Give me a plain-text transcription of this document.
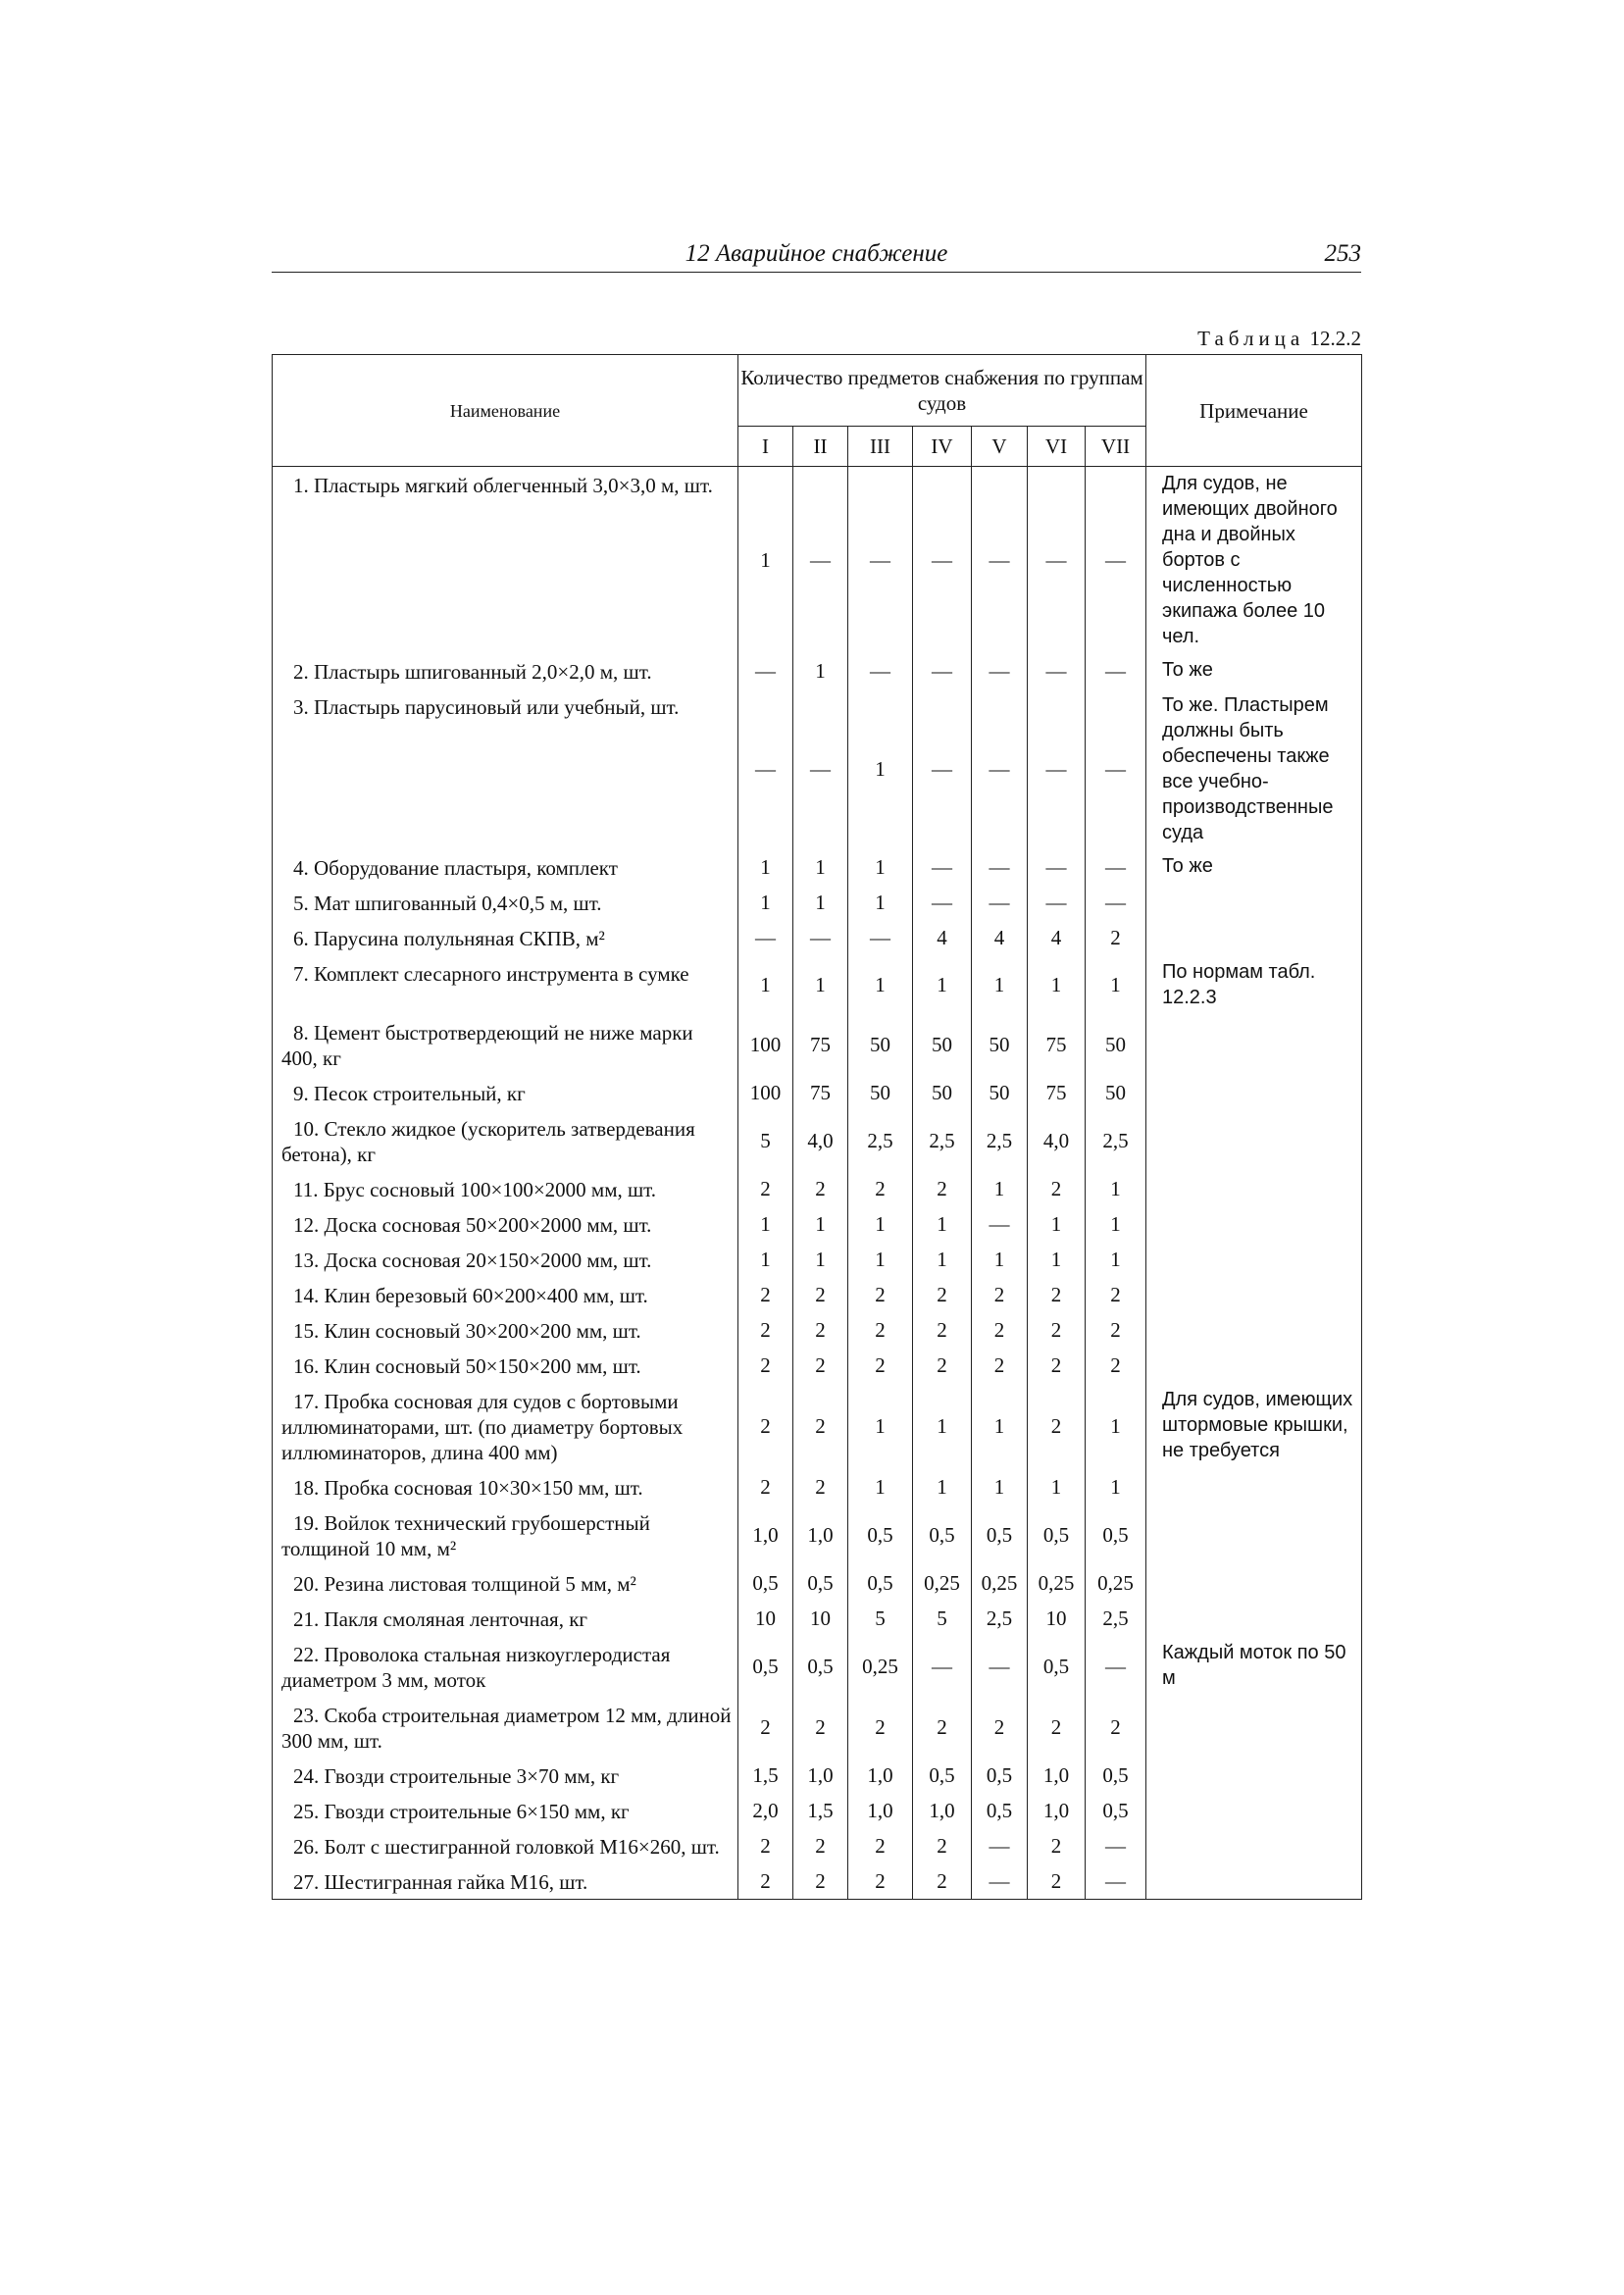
12 Аварийное снабжение	253
Таблица 12.2.2
Наименование	Количество предметов снабжения по группам судов							Примечание
	I	II	III	IV	V	VI	VII	

1. Пластырь мягкий облегченный 3,0×3,0 м, шт.	1	—	—	—	—	—	—	Для судов, не имеющих двойного дна и двойных бортов с численностью экипажа более 10 чел.

2. Пластырь шпигованный 2,0×2,0 м, шт.	—	1	—	—	—	—	—	То же

3. Пластырь парусиновый или учебный, шт.	—	—	1	—	—	—	—	То же. Пластырем должны быть обеспечены также все учебно-производственные суда

4. Оборудование пластыря, комплект	1	1	1	—	—	—	—	То же

5. Мат шпигованный 0,4×0,5 м, шт.	1	1	1	—	—	—	—	

6. Парусина полульняная СКПВ, м²	—	—	—	4	4	4	2	

7. Комплект слесарного инструмента в сумке	1	1	1	1	1	1	1	По нормам табл. 12.2.3

8. Цемент быстротвердеющий не ниже марки 400, кг	100	75	50	50	50	75	50	

9. Песок строительный, кг	100	75	50	50	50	75	50	

10. Стекло жидкое (ускоритель затвердевания бетона), кг	5	4,0	2,5	2,5	2,5	4,0	2,5	

11. Брус сосновый 100×100×2000 мм, шт.	2	2	2	2	1	2	1	

12. Доска сосновая 50×200×2000 мм, шт.	1	1	1	1	—	1	1	

13. Доска сосновая 20×150×2000 мм, шт.	1	1	1	1	1	1	1	

14. Клин березовый 60×200×400 мм, шт.	2	2	2	2	2	2	2	

15. Клин сосновый 30×200×200 мм, шт.	2	2	2	2	2	2	2	

16. Клин сосновый 50×150×200 мм, шт.	2	2	2	2	2	2	2	

17. Пробка сосновая для судов с бортовыми иллюминаторами, шт. (по диаметру бортовых иллюминаторов, длина 400 мм)	2	2	1	1	1	2	1	Для судов, имеющих штормовые крышки, не требуется

18. Пробка сосновая 10×30×150 мм, шт.	2	2	1	1	1	1	1	

19. Войлок технический грубошерстный толщиной 10 мм, м²	1,0	1,0	0,5	0,5	0,5	0,5	0,5	

20. Резина листовая толщиной 5 мм, м²	0,5	0,5	0,5	0,25	0,25	0,25	0,25	

21. Пакля смоляная ленточная, кг	10	10	5	5	2,5	10	2,5	

22. Проволока стальная низкоуглеродистая диаметром 3 мм, моток	0,5	0,5	0,25	—	—	0,5	—	Каждый моток по 50 м

23. Скоба строительная диаметром 12 мм, длиной 300 мм, шт.	2	2	2	2	2	2	2	

24. Гвозди строительные 3×70 мм, кг	1,5	1,0	1,0	0,5	0,5	1,0	0,5	

25. Гвозди строительные 6×150 мм, кг	2,0	1,5	1,0	1,0	0,5	1,0	0,5	

26. Болт с шестигранной головкой М16×260, шт.	2	2	2	2	—	2	—	

27. Шестигранная гайка М16, шт.	2	2	2	2	—	2	—	
